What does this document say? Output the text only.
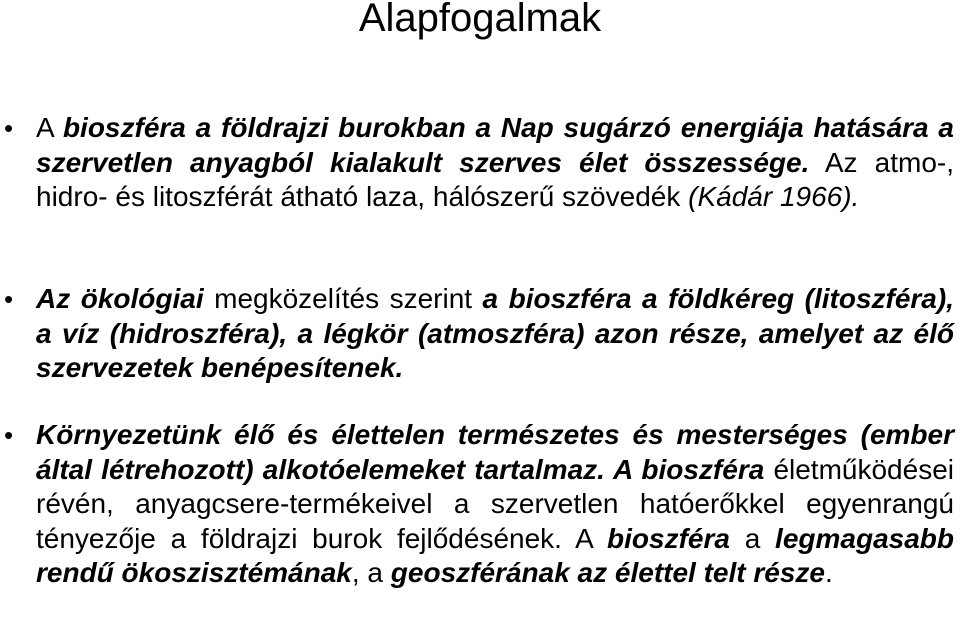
Alapfogalmak
• A bioszféra a földrajzi burokban a Nap sugárzó energiája hatására a szervetlen anyagból kialakult szerves élet összessége. Az atmo-, hidro- és litoszférát átható laza, hálószerű szövedék (Kádár 1966).
• Az ökológiai megközelítés szerint a bioszféra a földkéreg (litoszféra), a víz (hidroszféra), a légkör (atmoszféra) azon része, amelyet az élő szervezetek benépesítenek.
• Környezetünk élő és élettelen természetes és mesterséges (ember által létrehozott) alkotóelemeket tartalmaz. A bioszféra életműködései révén, anyagcsere-termékeivel a szervetlen hatóerőkkel egyenrangú tényezője a földrajzi burok fejlődésének. A bioszféra a legmagasabb rendű ökoszisztémának, a geoszférának az élettel telt része.
